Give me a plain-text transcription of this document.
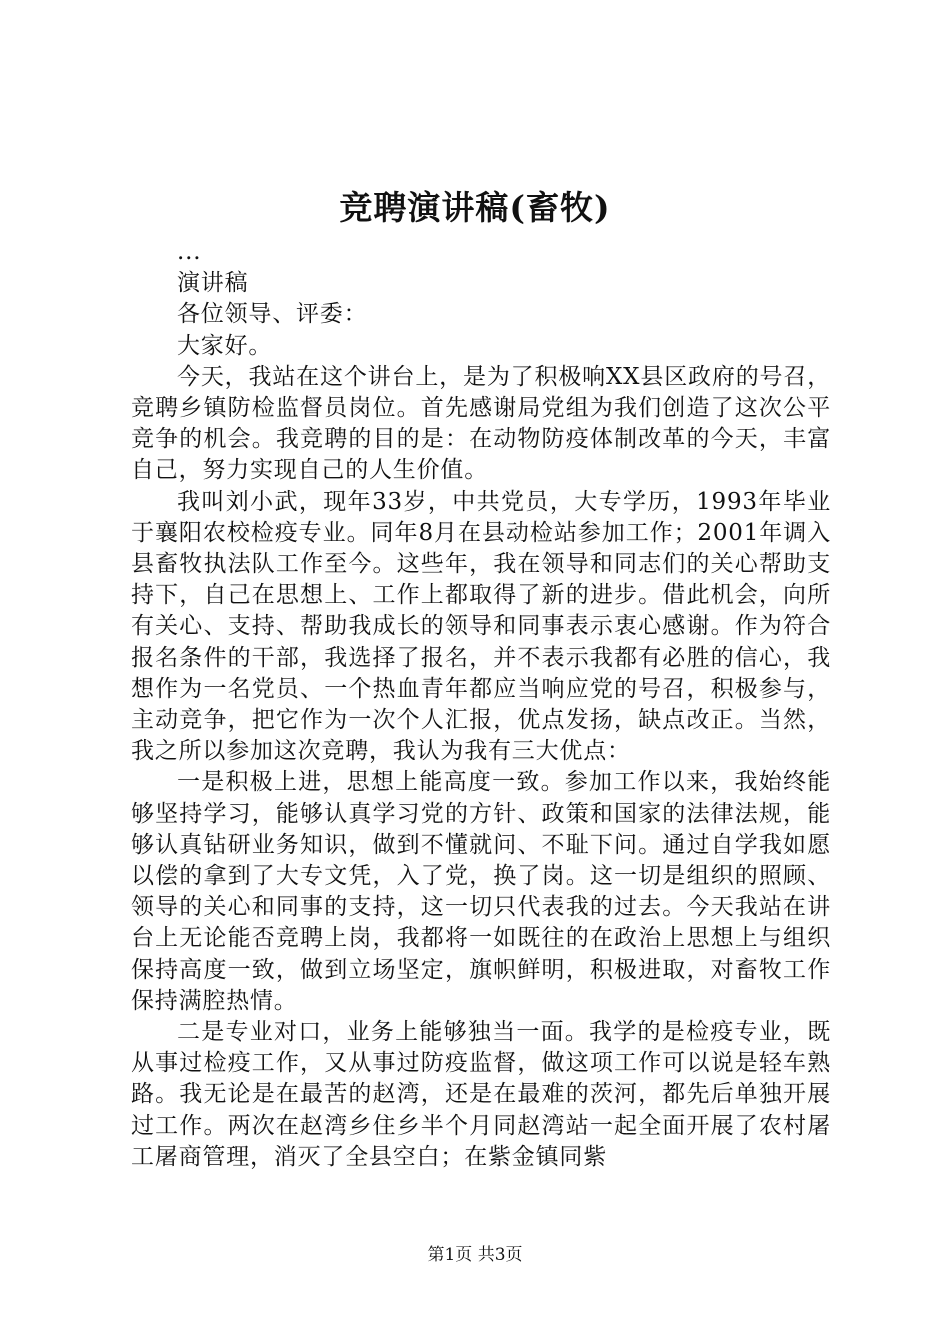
竞聘演讲稿(畜牧)

...

演讲稿

各位领导、评委：

大家好。

今天，我站在这个讲台上，是为了积极响XX县区政府的号召，竞聘乡镇防检监督员岗位。首先感谢局党组为我们创造了这次公平竞争的机会。我竞聘的目的是：在动物防疫体制改革的今天，丰富自己，努力实现自己的人生价值。

我叫刘小武，现年33岁，中共党员，大专学历，1993年毕业于襄阳农校检疫专业。同年8月在县动检站参加工作；2001年调入县畜牧执法队工作至今。这些年，我在领导和同志们的关心帮助支持下，自己在思想上、工作上都取得了新的进步。借此机会，向所有关心、支持、帮助我成长的领导和同事表示衷心感谢。作为符合报名条件的干部，我选择了报名，并不表示我都有必胜的信心，我想作为一名党员、一个热血青年都应当响应党的号召，积极参与，主动竞争，把它作为一次个人汇报，优点发扬，缺点改正。当然，我之所以参加这次竞聘，我认为我有三大优点：

一是积极上进，思想上能高度一致。参加工作以来，我始终能够坚持学习，能够认真学习党的方针、政策和国家的法律法规，能够认真钻研业务知识，做到不懂就问、不耻下问。通过自学我如愿以偿的拿到了大专文凭，入了党，换了岗。这一切是组织的照顾、领导的关心和同事的支持，这一切只代表我的过去。今天我站在讲台上无论能否竞聘上岗，我都将一如既往的在政治上思想上与组织保持高度一致，做到立场坚定，旗帜鲜明，积极进取，对畜牧工作保持满腔热情。

二是专业对口，业务上能够独当一面。我学的是检疫专业，既从事过检疫工作，又从事过防疫监督，做这项工作可以说是轻车熟路。我无论是在最苦的赵湾，还是在最难的茨河，都先后单独开展过工作。两次在赵湾乡住乡半个月同赵湾站一起全面开展了农村屠工屠商管理，消灭了全县空白；在紫金镇同紫

第1页 共3页
